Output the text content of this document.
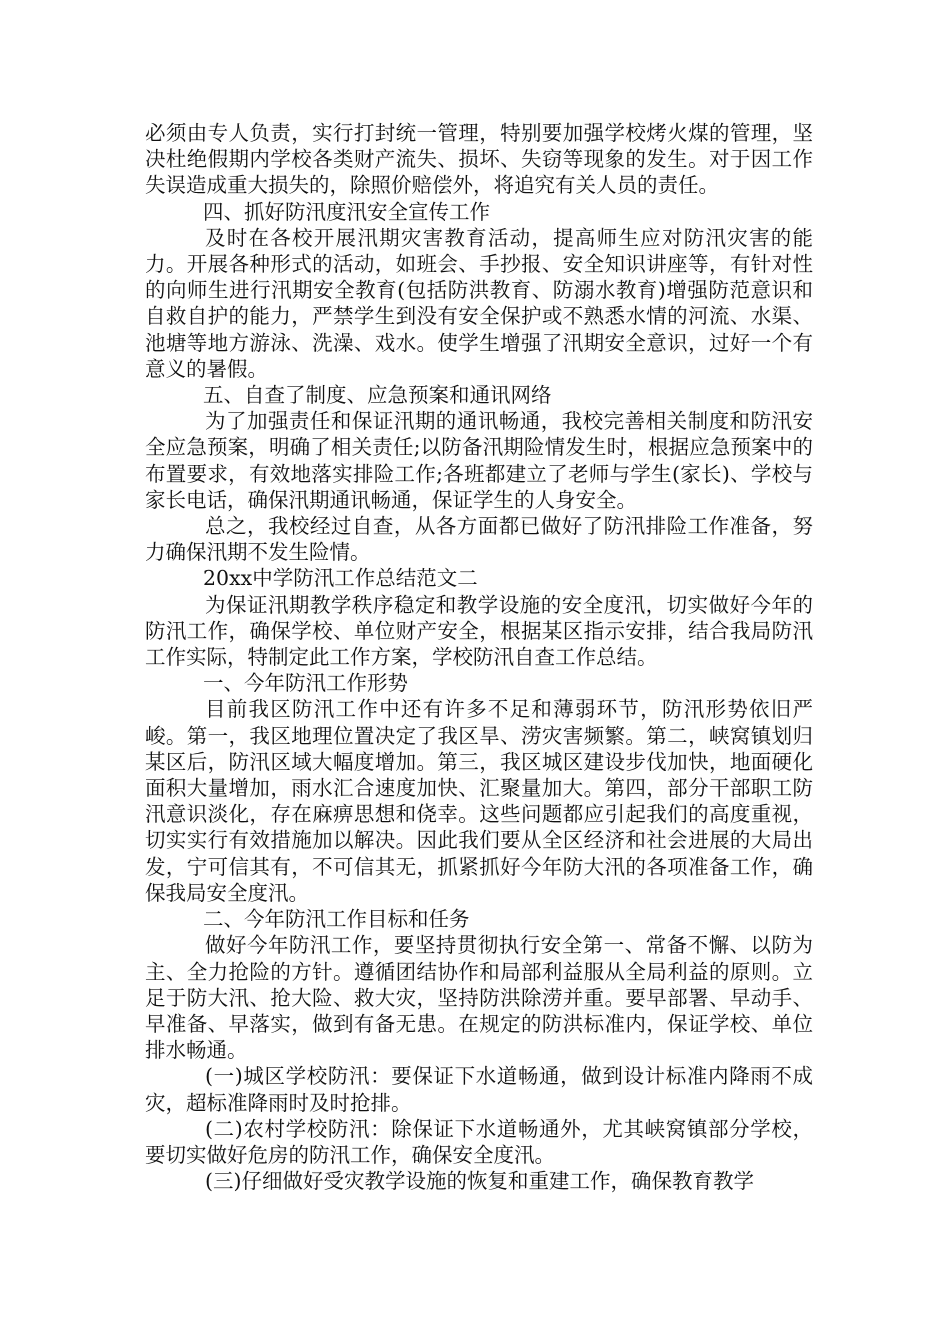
必须由专人负责，实行打封统一管理，特别要加强学校烤火煤的管理，坚决杜绝假期内学校各类财产流失、损坏、失窃等现象的发生。对于因工作失误造成重大损失的，除照价赔偿外，将追究有关人员的责任。

四、抓好防汛度汛安全宣传工作

及时在各校开展汛期灾害教育活动，提高师生应对防汛灾害的能力。开展各种形式的活动，如班会、手抄报、安全知识讲座等，有针对性的向师生进行汛期安全教育(包括防洪教育、防溺水教育)增强防范意识和自救自护的能力，严禁学生到没有安全保护或不熟悉水情的河流、水渠、池塘等地方游泳、洗澡、戏水。使学生增强了汛期安全意识，过好一个有意义的暑假。

五、自查了制度、应急预案和通讯网络

为了加强责任和保证汛期的通讯畅通，我校完善相关制度和防汛安全应急预案，明确了相关责任;以防备汛期险情发生时，根据应急预案中的布置要求，有效地落实排险工作;各班都建立了老师与学生(家长)、学校与家长电话，确保汛期通讯畅通，保证学生的人身安全。

总之，我校经过自查，从各方面都已做好了防汛排险工作准备，努力确保汛期不发生险情。

20xx中学防汛工作总结范文二

为保证汛期教学秩序稳定和教学设施的安全度汛，切实做好今年的防汛工作，确保学校、单位财产安全，根据某区指示安排，结合我局防汛工作实际，特制定此工作方案，学校防汛自查工作总结。

一、今年防汛工作形势

目前我区防汛工作中还有许多不足和薄弱环节，防汛形势依旧严峻。第一，我区地理位置决定了我区旱、涝灾害频繁。第二，峡窝镇划归某区后，防汛区域大幅度增加。第三，我区城区建设步伐加快，地面硬化面积大量增加，雨水汇合速度加快、汇聚量加大。第四，部分干部职工防汛意识淡化，存在麻痹思想和侥幸。这些问题都应引起我们的高度重视，切实实行有效措施加以解决。因此我们要从全区经济和社会进展的大局出发，宁可信其有，不可信其无，抓紧抓好今年防大汛的各项准备工作，确保我局安全度汛。

二、今年防汛工作目标和任务

做好今年防汛工作，要坚持贯彻执行安全第一、常备不懈、以防为主、全力抢险的方针。遵循团结协作和局部利益服从全局利益的原则。立足于防大汛、抢大险、救大灾，坚持防洪除涝并重。要早部署、早动手、早准备、早落实，做到有备无患。在规定的防洪标准内，保证学校、单位排水畅通。

(一)城区学校防汛：要保证下水道畅通，做到设计标准内降雨不成灾，超标准降雨时及时抢排。

(二)农村学校防汛：除保证下水道畅通外，尤其峡窝镇部分学校，要切实做好危房的防汛工作，确保安全度汛。

(三)仔细做好受灾教学设施的恢复和重建工作，确保教育教学
